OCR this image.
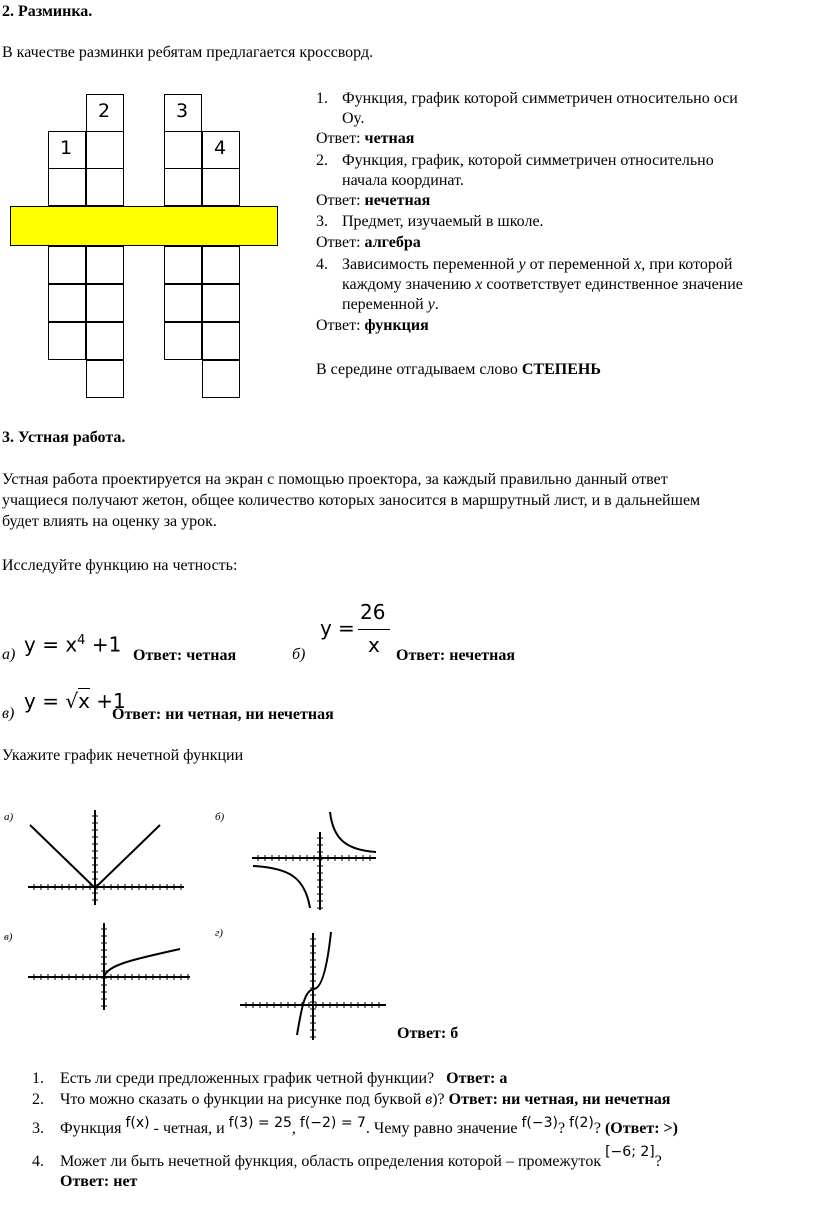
2. Разминка.
В качестве разминки ребятам предлагается кроссворд.
2
1
3
4
1. Функция, график которой симметричен относительно оси
Оy.
Ответ: четная
2. Функция, график, которой симметричен относительно
начала координат.
Ответ: нечетная
3. Предмет, изучаемый в школе.
Ответ: алгебра
4. Зависимость переменной y от переменной x, при которой
каждому значению x соответствует единственное значение
переменной y.
Ответ: функция
В середине отгадываем слово СТЕПЕНЬ
3. Устная работа.
Устная работа проектируется на экран с помощью проектора, за каждый правильно данный ответ
учащиеся получают жетон, общее количество которых заносится в маршрутный лист, и в дальнейшем
будет влиять на оценку за урок.
Исследуйте функцию на четность:
а) $y = x^4 +1$ Ответ: четная	б)
y =
26
x Ответ: нечетная
в)
y = √x +1
Ответ: ни четная, ни нечетная
Укажите график нечетной функции
а)	б)
в)	г)
Ответ: б
1. Есть ли среди предложенных график четной функции? Ответ: а
2. Что можно сказать о функции на рисунке под буквой в)? Ответ: ни четная, ни нечетная
3. Функция f(x) - четная, и f(3) = 25, f(−2) = 7. Чему равно значение f(−3)? f(2)? (Ответ: >)
4. Может ли быть нечетной функция, область определения которой – промежуток [−6; 2]?
Ответ: нет
